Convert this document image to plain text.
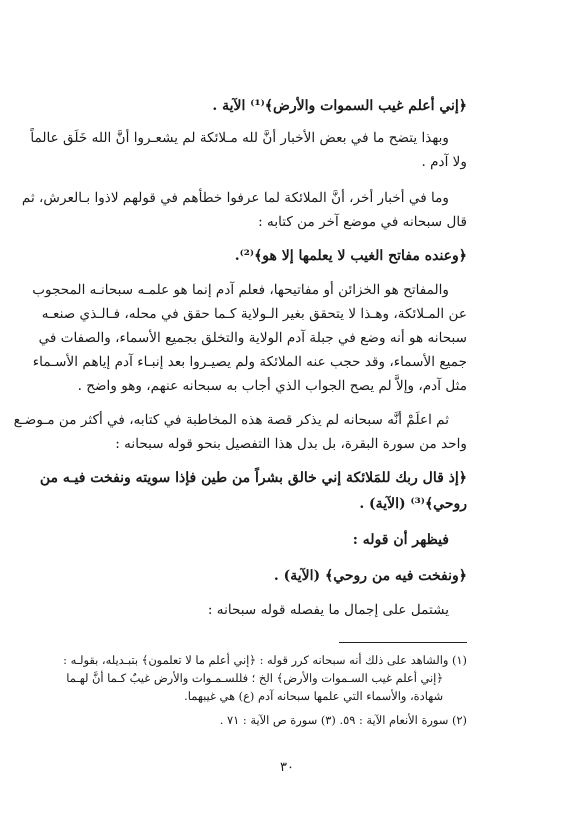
﴿إني أعلم غيب السموات والأرض﴾⁽¹⁾ الآية .
وبهذا يتضح ما في بعض الأخبار أنَّ لله مـلائكة لم يشعـروا أنَّ الله خَلَق عالماً
ولا آدم .
وما في أخبار أخر، أنَّ الملائكة لما عرفوا خطأهم في قولهم لاذوا بـالعرش، ثم
قال سبحانه في موضع آخر من كتابه :
﴿وعنده مفاتح الغيب لا يعلمها إلا هو﴾⁽²⁾.
والمفاتح هو الخزائن أو مفاتيحها، فعلم آدم إنما هو علمـه سبحانـه المحجوب
عن المـلائكة، وهـذا لا يتحقق بغير الـولاية كـما حقق في محله، فـالـذي صنعـه
سبحانه هو أنه وضع في جبلة آدم الولاية والتخلق بجميع الأسماء، والصفات في
جميع الأسماء، وقد حجب عنه الملائكة ولم يصيـروا بعد إنبـاء آدم إياهم الأسـماء
مثل آدم، وإلاَّ لم يصح الجواب الذي أجاب به سبحانه عنهم، وهو واضح .
ثم اعلَمْ أنَّه سبحانه لم يذكر قصة هذه المخاطبة في كتابه، في أكثر من مـوضـع
واحد من سورة البقرة، بل بدل هذا التفصيل بنحو قوله سبحانه :
﴿إذ قال ربك للمَلائكة إني خالق بشراً من طين فإذا سويته ونفخت فيـه من
روحي﴾⁽³⁾ (الآية) .
فيظهر أن قوله :
﴿ونفخت فيه من روحي﴾ (الآية) .
يشتمل على إجمال ما يفصله قوله سبحانه :
(١) والشاهد على ذلك أنه سبحانه كرر قوله : ﴿إني أعلم ما لا تعلمون﴾ بتبـديله، بقولـه :
﴿إني أعلم غيب السـموات والأرض﴾ الخ ؛ فللسـمـوات والأرض غيبٌ كـما أنَّ لهـما
شهادة، والأسماء التي علمها سبحانه آدم (ع) هي غيبهما.
(٢) سورة الأنعام الآية : ٥٩. (٣) سورة ص الآية : ٧١ .
٣٠
